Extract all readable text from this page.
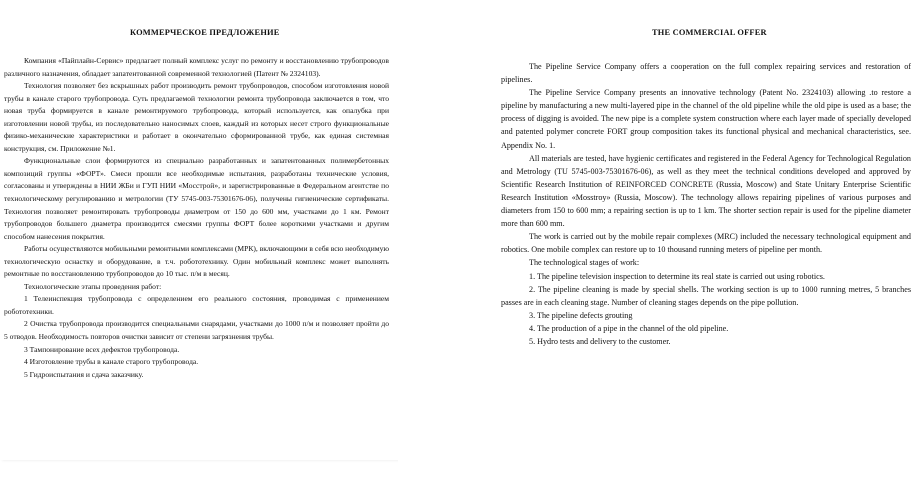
КОММЕРЧЕСКОЕ ПРЕДЛОЖЕНИЕ

Компания «Пайплайн-Сервис» предлагает полный комплекс услуг по ремонту и восстановлению трубопроводов различного назначения, обладает запатентованной современной технологией (Патент № 2324103).

Технология позволяет без вскрышных работ производить ремонт трубопроводов, способом изготовления новой трубы в канале старого трубопровода. Суть предлагаемой технологии ремонта трубопровода заключается в том, что новая труба формируется в канале ремонтируемого трубопровода, который используется, как опалубка при изготовлении новой трубы, из последовательно наносимых слоев, каждый из которых несет строго функциональные физико-механические характеристики и работает в окончательно сформированной трубе, как единая системная конструкция, см. Приложение №1.

Функциональные слои формируются из специально разработанных и запатентованных полимербетонных композиций группы «ФОРТ». Смеси прошли все необходимые испытания, разработаны технические условия, согласованы и утверждены в НИИ ЖБи и ГУП НИИ «Мосстрой», и зарегистрированные в Федеральном агентстве по технологическому регулированию и метрологии (ТУ 5745-003-75301676-06), получены гигиенические сертификаты. Технология позволяет ремонтировать трубопроводы диаметром от 150 до 600 мм, участками до 1 км. Ремонт трубопроводов большего диаметра производится смесями группы ФОРТ более короткими участками и другим способом нанесения покрытия.

Работы осуществляются мобильными ремонтными комплексами (МРК), включающими в себя всю необходимую технологическую оснастку и оборудование, в т.ч. робототехнику. Один мобильный комплекс может выполнять ремонтные по восстановлению трубопроводов до 10 тыс. п/м в месяц.

Технологические этапы проведения работ:

1 Телеинспекция трубопровода с определением его реального состояния, проводимая с применением робототехники.

2 Очистка трубопровода производится специальными снарядами, участками до 1000 п/м и позволяет пройти до 5 отводов. Необходимость повторов очистки зависит от степени загрязнения трубы.

3 Тампонирование всех дефектов трубопровода.

4 Изготовление трубы в канале старого трубопровода.

5 Гидроиспытания и сдача заказчику.

THE COMMERCIAL OFFER

The Pipeline Service Company offers a cooperation on the full complex repairing services and restoration of pipelines.

The Pipeline Service Company presents an innovative technology (Patent No. 2324103) allowing .to restore a pipeline by manufacturing a new multi-layered pipe in the channel of the old pipeline while the old pipe is used as a base; the process of digging is avoided. The new pipe is a complete system construction where each layer made of specially developed and patented polymer concrete FORT group composition takes its functional physical and mechanical characteristics, see. Appendix No. 1.

All materials are tested, have hygienic certificates and registered in the Federal Agency for Technological Regulation and Metrology (TU 5745-003-75301676-06), as well as they meet the technical conditions developed and approved by Scientific Research Institution of REINFORCED CONCRETE (Russia, Moscow) and State Unitary Enterprise Scientific Research Institution «Mosstroy» (Russia, Moscow). The technology allows repairing pipelines of various purposes and diameters from 150 to 600 mm; a repairing section is up to 1 km. The shorter section repair is used for the pipeline diameter more than 600 mm.

The work is carried out by the mobile repair complexes (MRC) included the necessary technological equipment and robotics. One mobile complex can restore up to 10 thousand running meters of pipeline per month.

The technological stages of work:

1. The pipeline television inspection to determine its real state is carried out using robotics.

2. The pipeline cleaning is made by special shells. The working section is up to 1000 running metres, 5 branches passes are in each cleaning stage. Number of cleaning stages depends on the pipe pollution.

3. The pipeline defects grouting

4. The production of a pipe in the channel of the old pipeline.

5. Hydro tests and delivery to the customer.
